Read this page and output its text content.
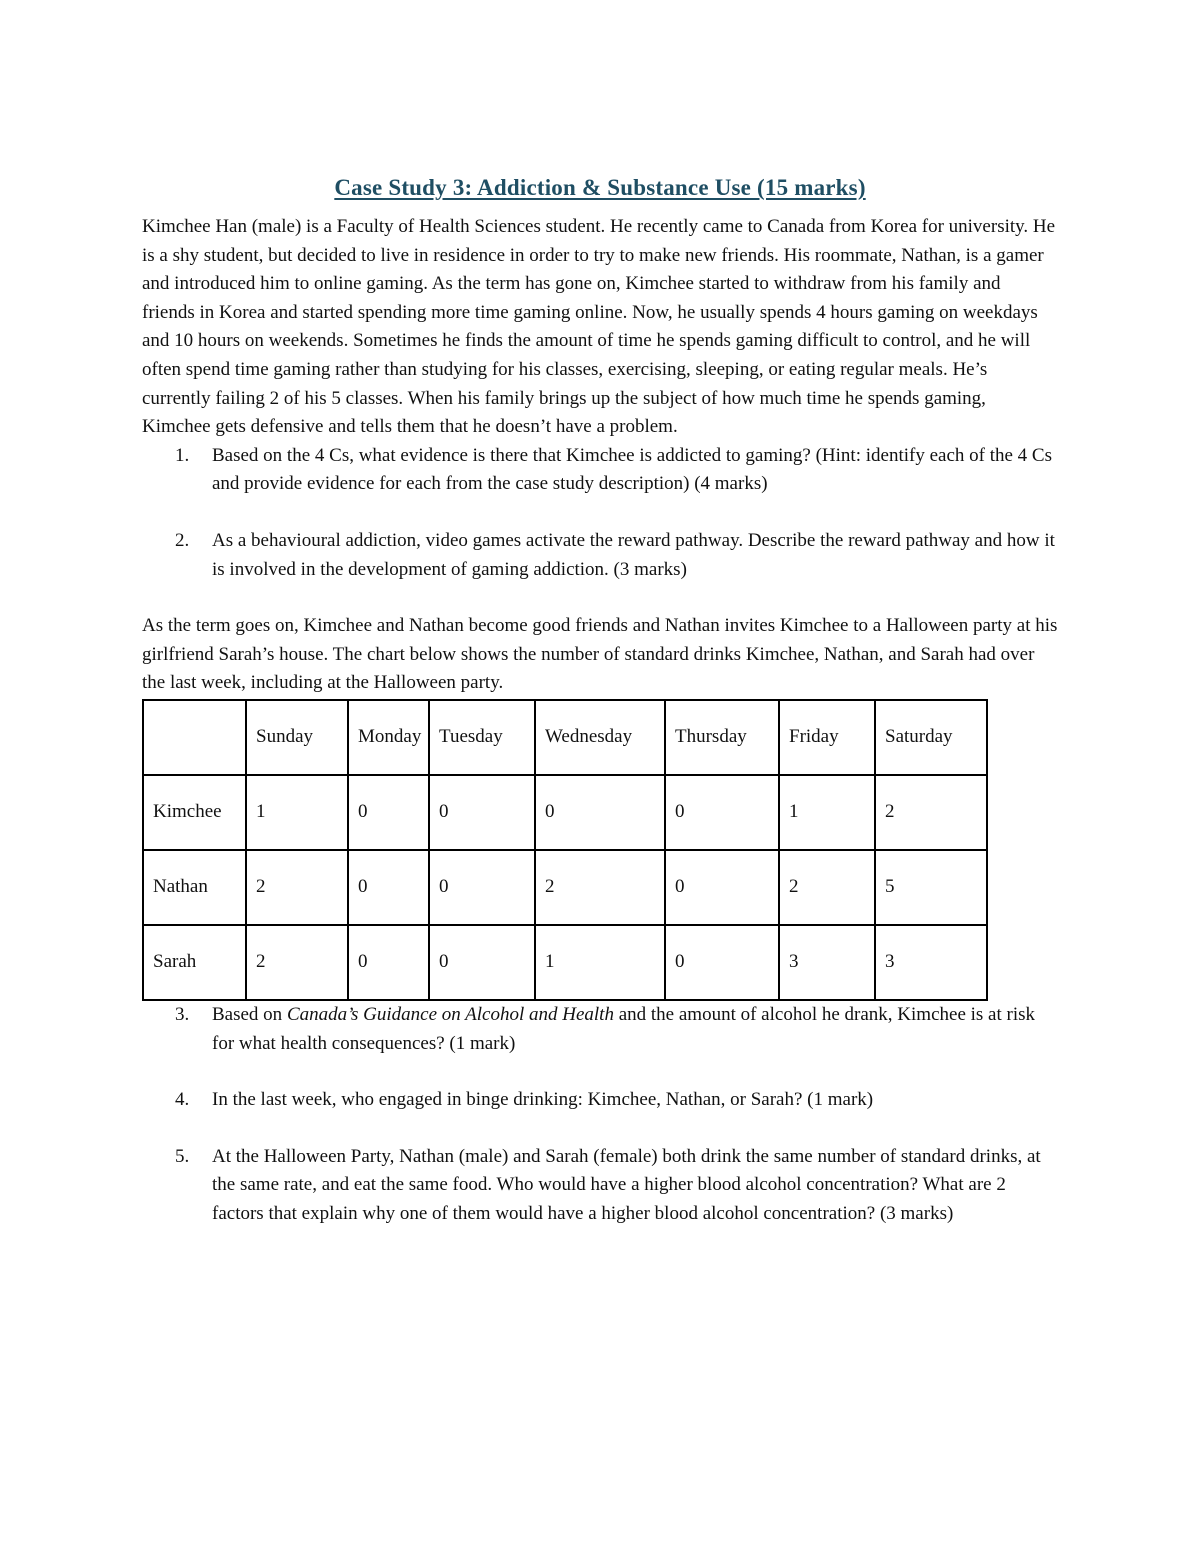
Case Study 3: Addiction & Substance Use (15 marks)

Kimchee Han (male) is a Faculty of Health Sciences student. He recently came to Canada from Korea for university. He is a shy student, but decided to live in residence in order to try to make new friends. His roommate, Nathan, is a gamer and introduced him to online gaming. As the term has gone on, Kimchee started to withdraw from his family and friends in Korea and started spending more time gaming online. Now, he usually spends 4 hours gaming on weekdays and 10 hours on weekends. Sometimes he finds the amount of time he spends gaming difficult to control, and he will often spend time gaming rather than studying for his classes, exercising, sleeping, or eating regular meals. He’s currently failing 2 of his 5 classes. When his family brings up the subject of how much time he spends gaming, Kimchee gets defensive and tells them that he doesn’t have a problem.

1. Based on the 4 Cs, what evidence is there that Kimchee is addicted to gaming? (Hint: identify each of the 4 Cs and provide evidence for each from the case study description) (4 marks)
2. As a behavioural addiction, video games activate the reward pathway. Describe the reward pathway and how it is involved in the development of gaming addiction. (3 marks)

As the term goes on, Kimchee and Nathan become good friends and Nathan invites Kimchee to a Halloween party at his girlfriend Sarah’s house. The chart below shows the number of standard drinks Kimchee, Nathan, and Sarah had over the last week, including at the Halloween party.

	Sunday	Monday	Tuesday	Wednesday	Thursday	Friday	Saturday
Kimchee	1	0	0	0	0	1	2
Nathan	2	0	0	2	0	2	5
Sarah	2	0	0	1	0	3	3
3. Based on Canada’s Guidance on Alcohol and Health and the amount of alcohol he drank, Kimchee is at risk for what health consequences? (1 mark)
4. In the last week, who engaged in binge drinking: Kimchee, Nathan, or Sarah? (1 mark)
5. At the Halloween Party, Nathan (male) and Sarah (female) both drink the same number of standard drinks, at the same rate, and eat the same food. Who would have a higher blood alcohol concentration? What are 2 factors that explain why one of them would have a higher blood alcohol concentration? (3 marks)
